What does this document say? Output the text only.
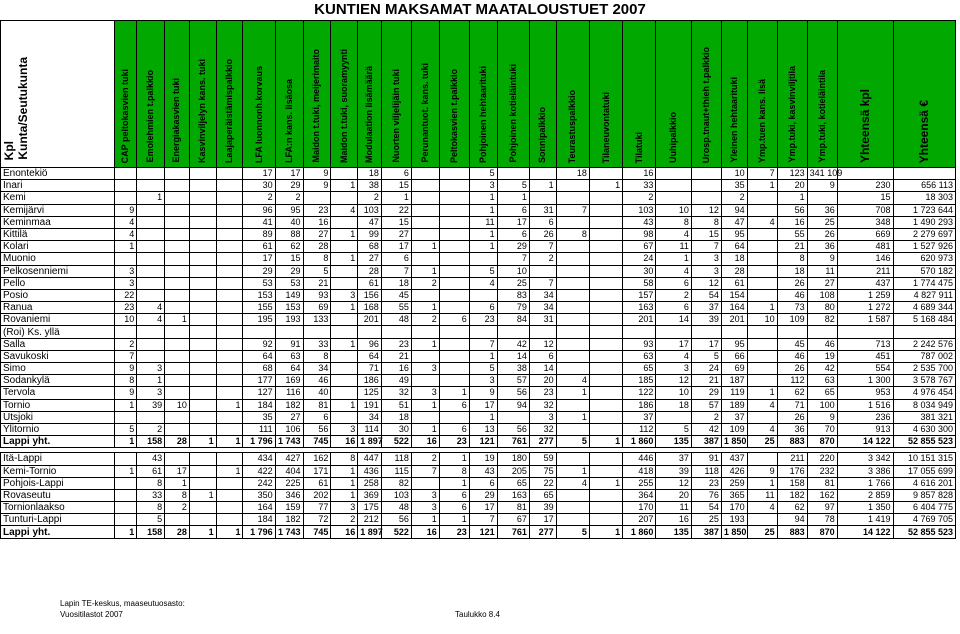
KUNTIEN MAKSAMAT MAATALOUSTUET 2007
KplKunta/Seutukunta	CAP peltokasvien tuki	Emolehmien t.palkkio	Energiakasvien tuki	Kasvinviljelyn kans. tuki	Laajaperäistämispalkkio	LFA luonnonh.korvaus	LFA:n kans. lisäosa	Maidon t.tuki, meijerimaito	Maidon t.tuki, suoramyynti	Modulaation lisämäärä	Nuorten viljelijäin tuki	Perunantuot. kans. tuki	Peltokasvien t.palkkio	Pohjoinen hehtaarituki	Pohjoinen kotieläintuki	Sonnipalkkio	Teurastuspalkkio	Tilaneuvontatuki	Tilatuki	Uuhipalkkio	Urosp.tnaut+thieh t.palkkio	Yleinen hehtaarituki	Ymp.tuen kans. lisä	Ymp.tuki, kasvinviljtila	Ymp.tuki, kotieläintila	Yhteensä kpl	Yhteensä €

Enontekiö						17	17	9		18	6			5			18		16			10	7	123	341 109		
Inari						30	29	9	1	38	15			3	5	1		1	33			35	1	20	9	230	656 113
Kemi		1				2	2			2	1			1	1				2			2		1		15	18 303
Kemijärvi	9					96	95	23	4	103	22			1	6	31	7		103	10	12	94		56	36	708	1 723 644
Keminmaa	4					41	40	16		47	15			11	17	6			43	8	8	47	4	16	25	348	1 490 293
Kittilä	4					89	88	27	1	99	27			1	6	26	8		98	4	15	95		55	26	669	2 279 697
Kolari	1					61	62	28		68	17	1		1	29	7			67	11	7	64		21	36	481	1 527 926
Muonio						17	15	8	1	27	6				7	2			24	1	3	18		8	9	146	620 973
Pelkosenniemi	3					29	29	5		28	7	1		5	10				30	4	3	28		18	11	211	570 182
Pello	3					53	53	21		61	18	2		4	25	7			58	6	12	61		26	27	437	1 774 475
Posio	22					153	149	93	3	156	45				83	34			157	2	54	154		46	108	1 259	4 827 911
Ranua	23	4				155	153	69	1	168	55	1		6	79	34			163	6	37	164	1	73	80	1 272	4 689 344
Rovaniemi	10	4	1			195	193	133		201	48	2	6	23	84	31			201	14	39	201	10	109	82	1 587	5 168 484
(Roi) Ks. yllä																											
Salla	2					92	91	33	1	96	23	1		7	42	12			93	17	17	95		45	46	713	2 242 576
Savukoski	7					64	63	8		64	21			1	14	6			63	4	5	66		46	19	451	787 002
Simo	9	3				68	64	34		71	16	3		5	38	14			65	3	24	69		26	42	554	2 535 700
Sodankylä	8	1				177	169	46		186	49			3	57	20	4		185	12	21	187		112	63	1 300	3 578 767
Tervola	9	3				127	116	40		125	32	3	1	9	56	23	1		122	10	29	119	1	62	65	953	4 976 454
Tornio	1	39	10		1	184	182	81	1	191	51	1	6	17	94	32			186	18	57	189	4	71	100	1 516	8 034 949
Utsjoki						35	27	6		34	18			1		3	1		37		2	37		26	9	236	381 321
Ylitornio	5	2				111	106	56	3	114	30	1	6	13	56	32			112	5	42	109	4	36	70	913	4 630 300
Lappi yht.	1	158	28	1	1	1 796	1 743	745	16	1 897	522	16	23	121	761	277	5	1	1 860	135	387	1 850	25	883	870	14 122	52 855 523

Itä-Lappi		43				434	427	162	8	447	118	2	1	19	180	59			446	37	91	437		211	220	3 342	10 151 315
Kemi-Tornio	1	61	17		1	422	404	171	1	436	115	7	8	43	205	75	1		418	39	118	426	9	176	232	3 386	17 055 699
Pohjois-Lappi		8	1			242	225	61	1	258	82		1	6	65	22	4	1	255	12	23	259	1	158	81	1 766	4 616 201
Rovaseutu		33	8	1		350	346	202	1	369	103	3	6	29	163	65			364	20	76	365	11	182	162	2 859	9 857 828
Tornionlaakso		8	2			164	159	77	3	175	48	3	6	17	81	39			170	11	54	170	4	62	97	1 350	6 404 775
Tunturi-Lappi		5				184	182	72	2	212	56	1	1	7	67	17			207	16	25	193		94	78	1 419	4 769 705
Lappi yht.	1	158	28	1	1	1 796	1 743	745	16	1 897	522	16	23	121	761	277	5	1	1 860	135	387	1 850	25	883	870	14 122	52 855 523
Lapin TE-keskus, maaseutuosasto:
Vuositilastot 2007	Taulukko 8.4
